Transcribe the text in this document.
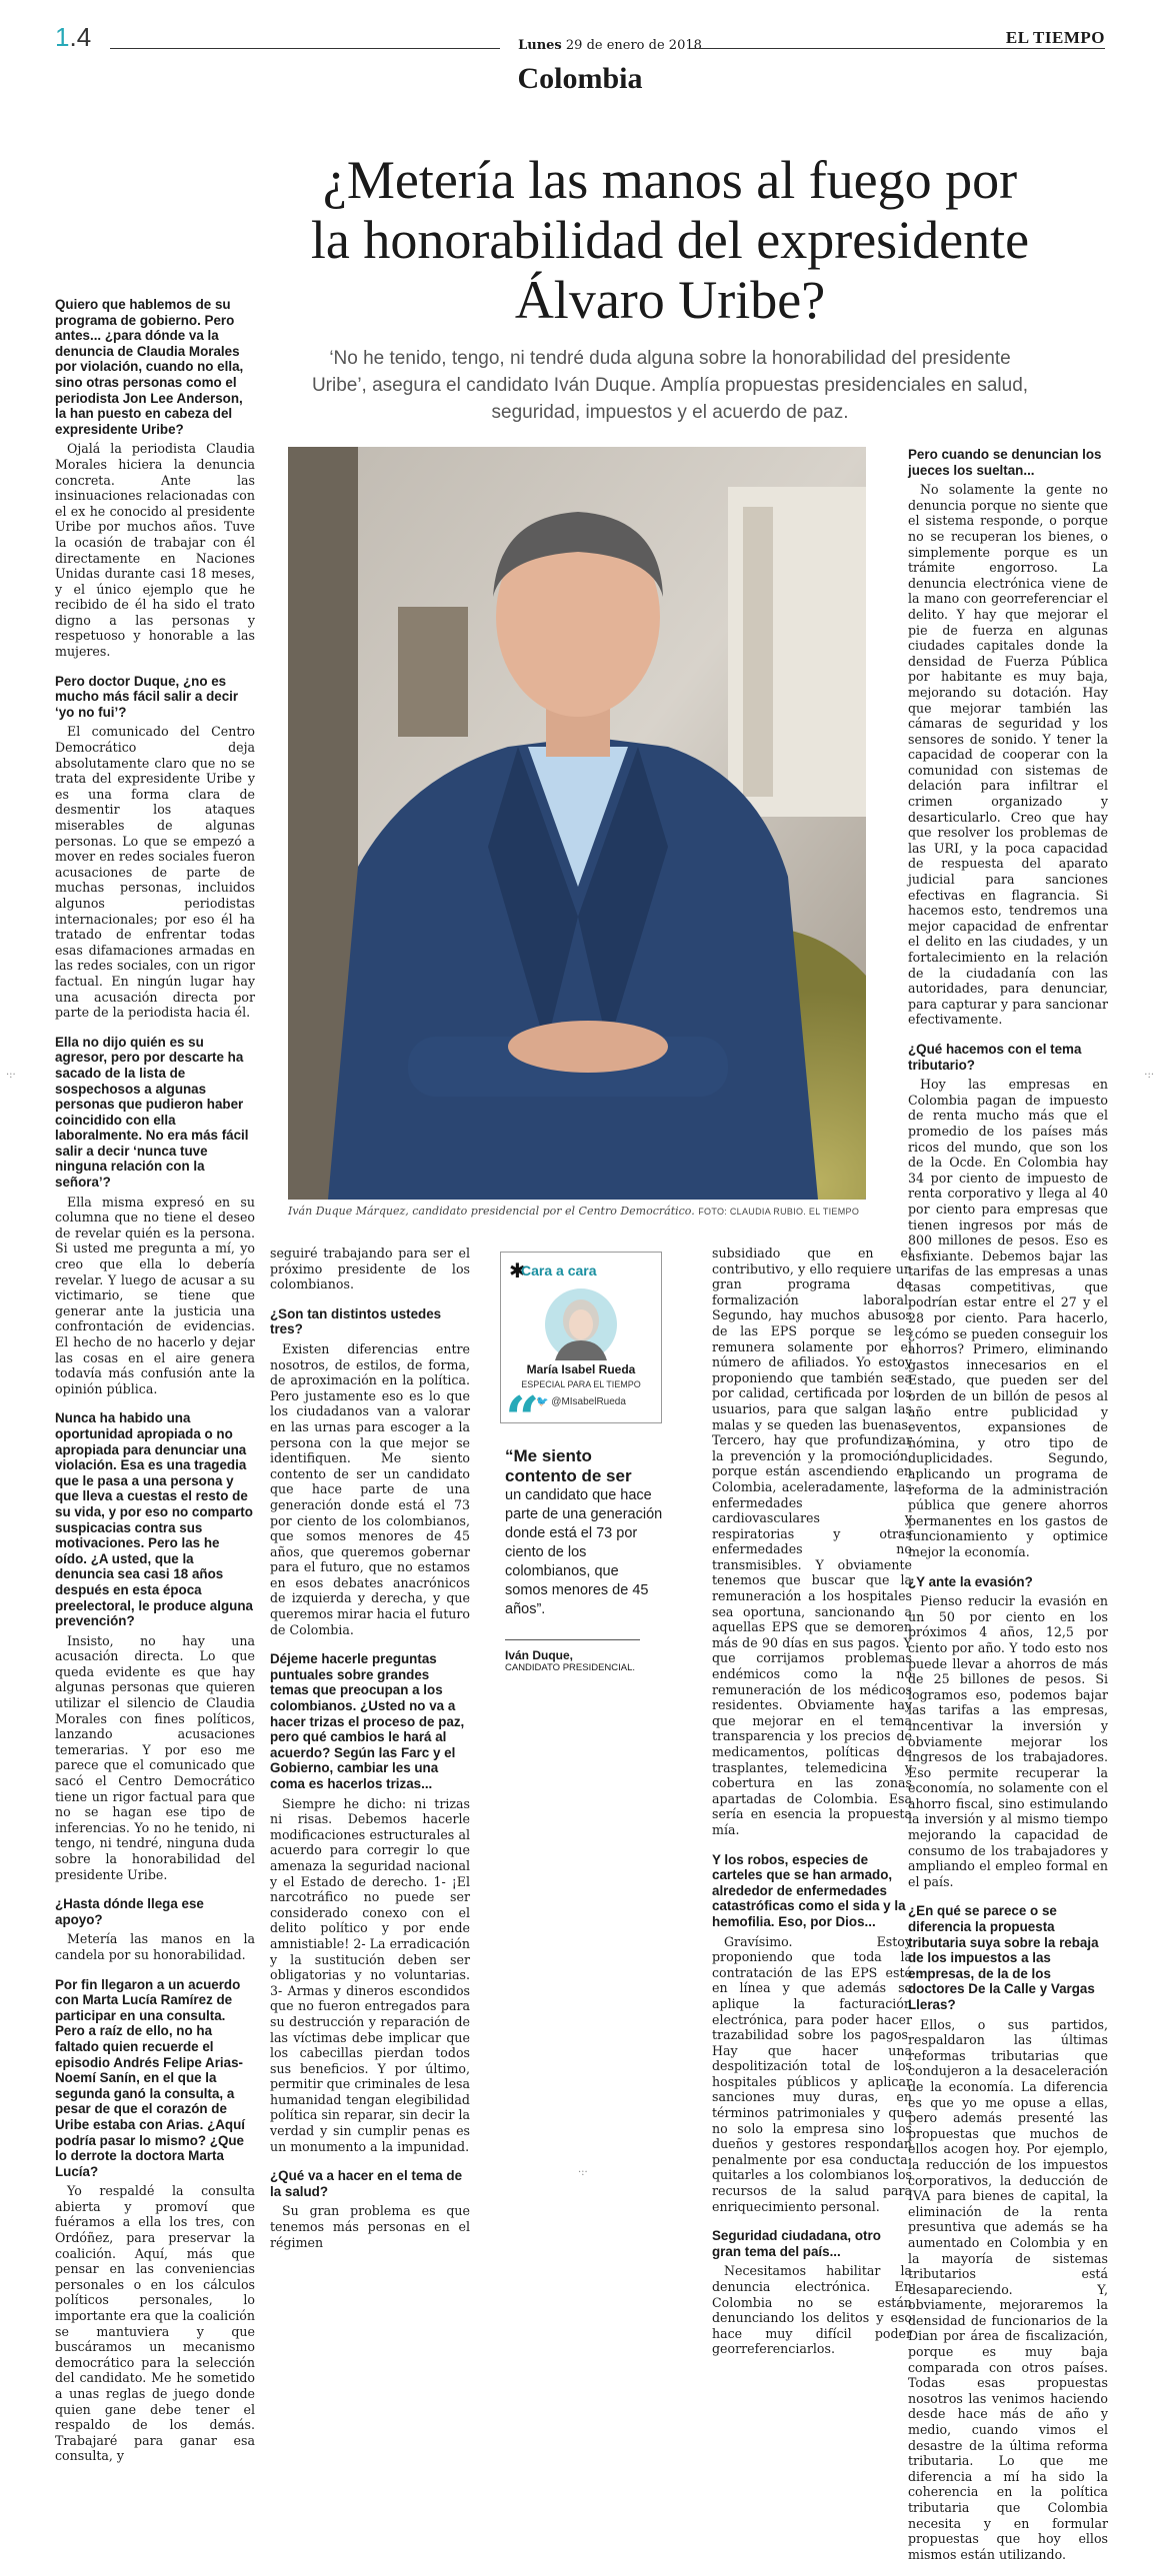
1.4	Lunes 29 de enero de 2018	EL TIEMPO
Colombia
¿Metería las manos al fuego por la honorabilidad del expresidente Álvaro Uribe?
‘No he tenido, tengo, ni tendré duda alguna sobre la honorabilidad del presidente Uribe’, asegura el candidato Iván Duque. Amplía propuestas presidenciales en salud, seguridad, impuestos y el acuerdo de paz.
Iván Duque Márquez, candidato presidencial por el Centro Democrático. FOTO: CLAUDIA RUBIO. EL TIEMPO

Quiero que hablemos de su programa de gobierno. Pero antes... ¿para dónde va la denuncia de Claudia Morales por violación, cuando no ella, sino otras personas como el periodista Jon Lee Anderson, la han puesto en cabeza del expresidente Uribe?

Ojalá la periodista Claudia Morales hiciera la denuncia concreta. Ante las insinuaciones relacionadas con el ex he conocido al presidente Uribe por muchos años. Tuve la ocasión de trabajar con él directamente en Naciones Unidas durante casi 18 meses, y el único ejemplo que he recibido de él ha sido el trato digno a las personas y respetuoso y honorable a las mujeres.

Pero doctor Duque, ¿no es mucho más fácil salir a decir ‘yo no fui’?

El comunicado del Centro Democrático deja absolutamente claro que no se trata del expresidente Uribe y es una forma clara de desmentir los ataques miserables de algunas personas. Lo que se empezó a mover en redes sociales fueron acusaciones de parte de muchas personas, incluidos algunos periodistas internacionales; por eso él ha tratado de enfrentar todas esas difamaciones armadas en las redes sociales, con un rigor factual. En ningún lugar hay una acusación directa por parte de la periodista hacia él.

Ella no dijo quién es su agresor, pero por descarte ha sacado de la lista de sospechosos a algunas personas que pudieron haber coincidido con ella laboralmente. No era más fácil salir a decir ‘nunca tuve ninguna relación con la señora’?

Ella misma expresó en su columna que no tiene el deseo de revelar quién es la persona. Si usted me pregunta a mí, yo creo que ella lo debería revelar. Y luego de acusar a su victimario, se tiene que generar ante la justicia una confrontación de evidencias. El hecho de no hacerlo y dejar las cosas en el aire genera todavía más confusión ante la opinión pública.

Nunca ha habido una oportunidad apropiada o no apropiada para denunciar una violación. Esa es una tragedia que le pasa a una persona y que lleva a cuestas el resto de su vida, y por eso no comparto suspicacias contra sus motivaciones. Pero las he oído. ¿A usted, que la denuncia sea casi 18 años después en esta época preelectoral, le produce alguna prevención?

Insisto, no hay una acusación directa. Lo que queda evidente es que hay algunas personas que quieren utilizar el silencio de Claudia Morales con fines políticos, lanzando acusaciones temerarias. Y por eso me parece que el comunicado que sacó el Centro Democrático tiene un rigor factual para que no se hagan ese tipo de inferencias. Yo no he tenido, ni tengo, ni tendré, ninguna duda sobre la honorabilidad del presidente Uribe.

¿Hasta dónde llega ese apoyo?

Metería las manos en la candela por su honorabilidad.

Por fin llegaron a un acuerdo con Marta Lucía Ramírez de participar en una consulta. Pero a raíz de ello, no ha faltado quien recuerde el episodio Andrés Felipe Arias-Noemí Sanín, en el que la segunda ganó la consulta, a pesar de que el corazón de Uribe estaba con Arias. ¿Aquí podría pasar lo mismo? ¿Que lo derrote la doctora Marta Lucía?

Yo respaldé la consulta abierta y promoví que fuéramos a ella los tres, con Ordóñez, para preservar la coalición. Aquí, más que pensar en las conveniencias personales o en los cálculos políticos personales, lo importante era que la coalición se mantuviera y que buscáramos un mecanismo democrático para la selección del candidato. Me he sometido a unas reglas de juego donde quien gane debe tener el respaldo de los demás. Trabajaré para ganar esa consulta, y

seguiré trabajando para ser el próximo presidente de los colombianos.

¿Son tan distintos ustedes tres?

Existen diferencias entre nosotros, de estilos, de forma, de aproximación en la política. Pero justamente eso es lo que los ciudadanos van a valorar en las urnas para escoger a la persona con la que mejor se identifiquen. Me siento contento de ser un candidato que hace parte de una generación donde está el 73 por ciento de los colombianos, que somos menores de 45 años, que queremos gobernar para el futuro, que no estamos en esos debates anacrónicos de izquierda y derecha, y que queremos mirar hacia el futuro de Colombia.

Déjeme hacerle preguntas puntuales sobre grandes temas que preocupan a los colombianos. ¿Usted no va a hacer trizas el proceso de paz, pero qué cambios le hará al acuerdo? Según las Farc y el Gobierno, cambiar les una coma es hacerlos trizas...

Siempre he dicho: ni trizas ni risas. Debemos hacerle modificaciones estructurales al acuerdo para corregir lo que amenaza la seguridad nacional y el Estado de derecho. 1- ¡El narcotráfico no puede ser considerado conexo con el delito político y por ende amnistiable! 2- La erradicación y la sustitución deben ser obligatorias y no voluntarias. 3- Armas y dineros escondidos que no fueron entregados para su destrucción y reparación de las víctimas debe implicar que los cabecillas pierdan todos sus beneficios. Y por último, permitir que criminales de lesa humanidad tengan elegibilidad política sin reparar, sin decir la verdad y sin cumplir penas es un monumento a la impunidad.

¿Qué va a hacer en el tema de la salud?

Su gran problema es que tenemos más personas en el régimen

subsidiado que en el contributivo, y ello requiere un gran programa de formalización laboral. Segundo, hay muchos abusos de las EPS porque se les remunera solamente por el número de afiliados. Yo estoy proponiendo que también sea por calidad, certificada por los usuarios, para que salgan las malas y se queden las buenas. Tercero, hay que profundizar la prevención y la promoción, porque están ascendiendo en Colombia, aceleradamente, las enfermedades cardiovasculares y respiratorias y otras enfermedades no transmisibles. Y obviamente tenemos que buscar que la remuneración a los hospitales sea oportuna, sancionando a aquellas EPS que se demoren más de 90 días en sus pagos. Y que corrijamos problemas endémicos como la no remuneración de los médicos residentes. Obviamente hay que mejorar en el tema transparencia y los precios de medicamentos, políticas de trasplantes, telemedicina y cobertura en las zonas apartadas de Colombia. Esa sería en esencia la propuesta mía.

Y los robos, especies de carteles que se han armado, alrededor de enfermedades catastróficas como el sida y la hemofilia. Eso, por Dios...

Gravísimo. Estoy proponiendo que toda la contratación de las EPS esté en línea y que además se aplique la facturación electrónica, para poder hacer trazabilidad sobre los pagos. Hay que hacer una despolitización total de los hospitales públicos y aplicar sanciones muy duras, en términos patrimoniales y que no solo la empresa sino los dueños y gestores respondan penalmente por esa conducta: quitarles a los colombianos los recursos de la salud para enriquecimiento personal.

Seguridad ciudadana, otro gran tema del país...

Necesitamos habilitar la denuncia electrónica. En Colombia no se están denunciando los delitos y eso hace muy difícil poder georreferenciarlos.

Pero cuando se denuncian los jueces los sueltan...

No solamente la gente no denuncia porque no siente que el sistema responde, o porque no se recuperan los bienes, o simplemente porque es un trámite engorroso. La denuncia electrónica viene de la mano con georreferenciar el delito. Y hay que mejorar el pie de fuerza en algunas ciudades capitales donde la densidad de Fuerza Pública por habitante es muy baja, mejorando su dotación. Hay que mejorar también las cámaras de seguridad y los sensores de sonido. Y tener la capacidad de cooperar con la comunidad con sistemas de delación para infiltrar el crimen organizado y desarticularlo. Creo que hay que resolver los problemas de las URI, y la poca capacidad de respuesta del aparato judicial para sanciones efectivas en flagrancia. Si hacemos esto, tendremos una mejor capacidad de enfrentar el delito en las ciudades, y un fortalecimiento en la relación de la ciudadanía con las autoridades, para denunciar, para capturar y para sancionar efectivamente.

¿Qué hacemos con el tema tributario?

Hoy las empresas en Colombia pagan de impuesto de renta mucho más que el promedio de los países más ricos del mundo, que son los de la Ocde. En Colombia hay 34 por ciento de impuesto de renta corporativo y llega al 40 por ciento para empresas que tienen ingresos por más de 800 millones de pesos. Eso es asfixiante. Debemos bajar las tarifas de las empresas a unas tasas competitivas, que podrían estar entre el 27 y el 28 por ciento. Para hacerlo, ¿cómo se pueden conseguir los ahorros? Primero, eliminando gastos innecesarios en el Estado, que pueden ser del orden de un billón de pesos al año entre publicidad y eventos, expansiones de nómina, y otro tipo de duplicidades. Segundo, aplicando un programa de reforma de la administración pública que genere ahorros permanentes en los gastos de funcionamiento y optimice mejor la economía.

¿Y ante la evasión?

Pienso reducir la evasión en un 50 por ciento en los próximos 4 años, 12,5 por ciento por año. Y todo esto nos puede llevar a ahorros de más de 25 billones de pesos. Si logramos eso, podemos bajar las tarifas a las empresas, incentivar la inversión y obviamente mejorar los ingresos de los trabajadores. Eso permite recuperar la economía, no solamente con el ahorro fiscal, sino estimulando la inversión y al mismo tiempo mejorando la capacidad de consumo de los trabajadores y ampliando el empleo formal en el país.

¿En qué se parece o se diferencia la propuesta tributaria suya sobre la rebaja de los impuestos a las empresas, de la de los doctores De la Calle y Vargas Lleras?

Ellos, o sus partidos, respaldaron las últimas reformas tributarias que condujeron a la desaceleración de la economía. La diferencia es que yo me opuse a ellas, pero además presenté las propuestas que muchos de ellos acogen hoy. Por ejemplo, la reducción de los impuestos corporativos, la deducción de IVA para bienes de capital, la eliminación de la renta presuntiva que además se ha aumentado en Colombia y en la mayoría de sistemas tributarios está desapareciendo. Y, obviamente, mejoraremos la densidad de funcionarios de la Dian por área de fiscalización, porque es muy baja comparada con otros países. Todas esas propuestas nosotros las venimos haciendo desde hace más de año y medio, cuando vimos el desastre de la última reforma tributaria. Lo que me diferencia a mí ha sido la coherencia en la política tributaria que Colombia necesita y en formular propuestas que hoy ellos mismos están utilizando.

✱
Cara a cara
María Isabel Rueda
ESPECIAL PARA EL TIEMPO
🐦 @MIsabelRueda
“
“Me siento contento de ser
un candidato que hace parte de una generación donde está el 73 por ciento de los colombianos, que somos menores de 45 años”.
Iván Duque,
CANDIDATO PRESIDENCIAL.
·:·	·:·
·:·
